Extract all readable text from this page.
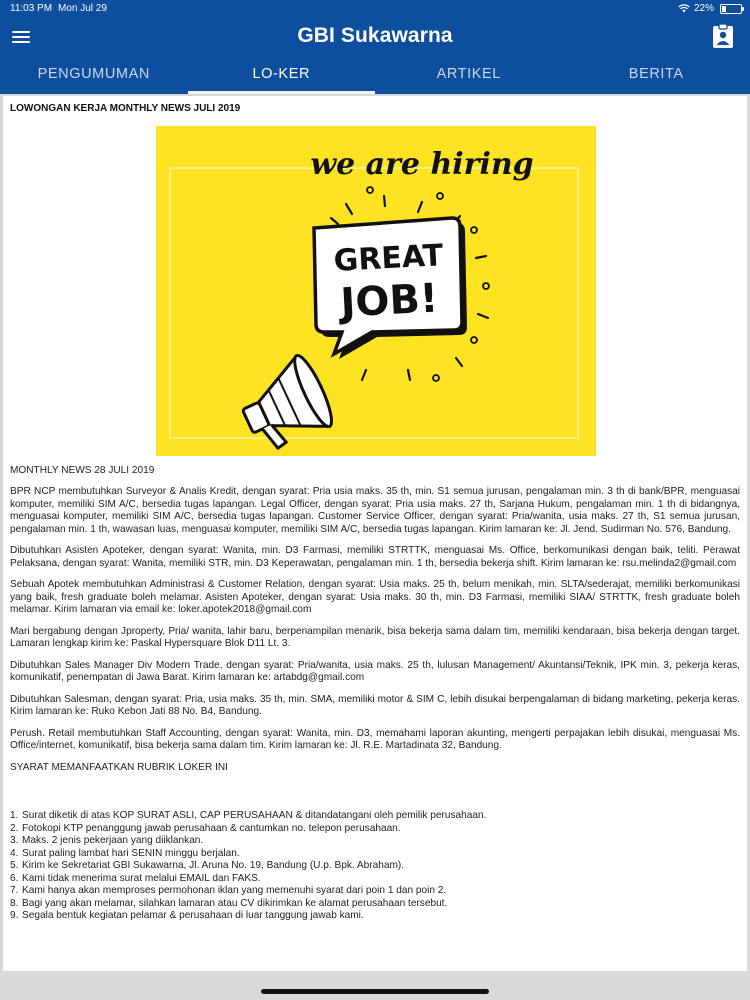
11:03 PM Mon Jul 29	22%
GBI Sukawarna
PENGUMUMAN	LO-KER	ARTIKEL	BERITA
LOWONGAN KERJA MONTHLY NEWS JULI 2019
we are hiring
GREAT
JOB!
MONTHLY NEWS 28 JULI 2019
BPR NCP membutuhkan Surveyor & Analis Kredit, dengan syarat: Pria usia maks. 35 th, min. S1 semua jurusan, pengalaman min. 3 th di bank/BPR, menguasai komputer, memiliki SIM A/C, bersedia tugas lapangan. Legal Officer, dengan syarat: Pria usia maks. 27 th, Sarjana Hukum, pengalaman min. 1 th di bidangnya, menguasai komputer, memiliki SIM A/C, bersedia tugas lapangan. Customer Service Officer, dengan syarat: Pria/wanita, usia maks. 27 th, S1 semua jurusan, pengalaman min. 1 th, wawasan luas, menguasai komputer, memiliki SIM A/C, bersedia tugas lapangan. Kirim lamaran ke: Jl. Jend. Sudirman No. 576, Bandung.
Dibutuhkan Asisten Apoteker, dengan syarat: Wanita, min. D3 Farmasi, memiliki STRTTK, menguasai Ms. Office, berkomunikasi dengan baik, teliti. Perawat Pelaksana, dengan syarat: Wanita, memiliki STR, min. D3 Keperawatan, pengalaman min. 1 th, bersedia bekerja shift. Kirim lamaran ke: rsu.melinda2@gmail.com
Sebuah Apotek membutuhkan Administrasi & Customer Relation, dengan syarat: Usia maks. 25 th, belum menikah, min. SLTA/sederajat, memiliki berkomunikasi yang baik, fresh graduate boleh melamar. Asisten Apoteker, dengan syarat: Usia maks. 30 th, min. D3 Farmasi, memiliki SIAA/ STRTTK, fresh graduate boleh melamar. Kirim lamaran via email ke: loker.apotek2018@gmail.com
Mari bergabung dengan Jproperty, Pria/ wanita, lahir baru, berpenampilan menarik, bisa bekerja sama dalam tim, memiliki kendaraan, bisa bekerja dengan target. Lamaran lengkap kirim ke: Paskal Hypersquare Blok D11 Lt. 3.
Dibutuhkan Sales Manager Div Modern Trade, dengan syarat: Pria/wanita, usia maks. 25 th, lulusan Management/ Akuntansi/Teknik, IPK min. 3, pekerja keras, komunikatif, penempatan di Jawa Barat. Kirim lamaran ke: artabdg@gmail.com
Dibutuhkan Salesman, dengan syarat: Pria, usia maks. 35 th, min. SMA, memiliki motor & SIM C, lebih disukai berpengalaman di bidang marketing, pekerja keras. Kirim lamaran ke: Ruko Kebon Jati 88 No. B4, Bandung.
Perush. Retail membutuhkan Staff Accounting, dengan syarat: Wanita, min. D3, memahami laporan akunting, mengerti perpajakan lebih disukai, menguasai Ms. Office/internet, komunikatif, bisa bekerja sama dalam tim. Kirim lamaran ke: Jl. R.E. Martadinata 32, Bandung.
SYARAT MEMANFAATKAN RUBRIK LOKER INI
1. Surat diketik di atas KOP SURAT ASLI, CAP PERUSAHAAN & ditandatangani oleh pemilik perusahaan.
2. Fotokopi KTP penanggung jawab perusahaan & cantumkan no. telepon perusahaan.
3. Maks. 2 jenis pekerjaan yang diiklankan.
4. Surat paling lambat hari SENIN minggu berjalan.
5. Kirim ke Sekretariat GBI Sukawarna, Jl. Aruna No. 19, Bandung (U.p. Bpk. Abraham).
6. Kami tidak menerima surat melalui EMAIL dan FAKS.
7. Kami hanya akan memproses permohonan iklan yang memenuhi syarat dari poin 1 dan poin 2.
8. Bagi yang akan melamar, silahkan lamaran atau CV dikirimkan ke alamat perusahaan tersebut.
9. Segala bentuk kegiatan pelamar & perusahaan di luar tanggung jawab kami.
